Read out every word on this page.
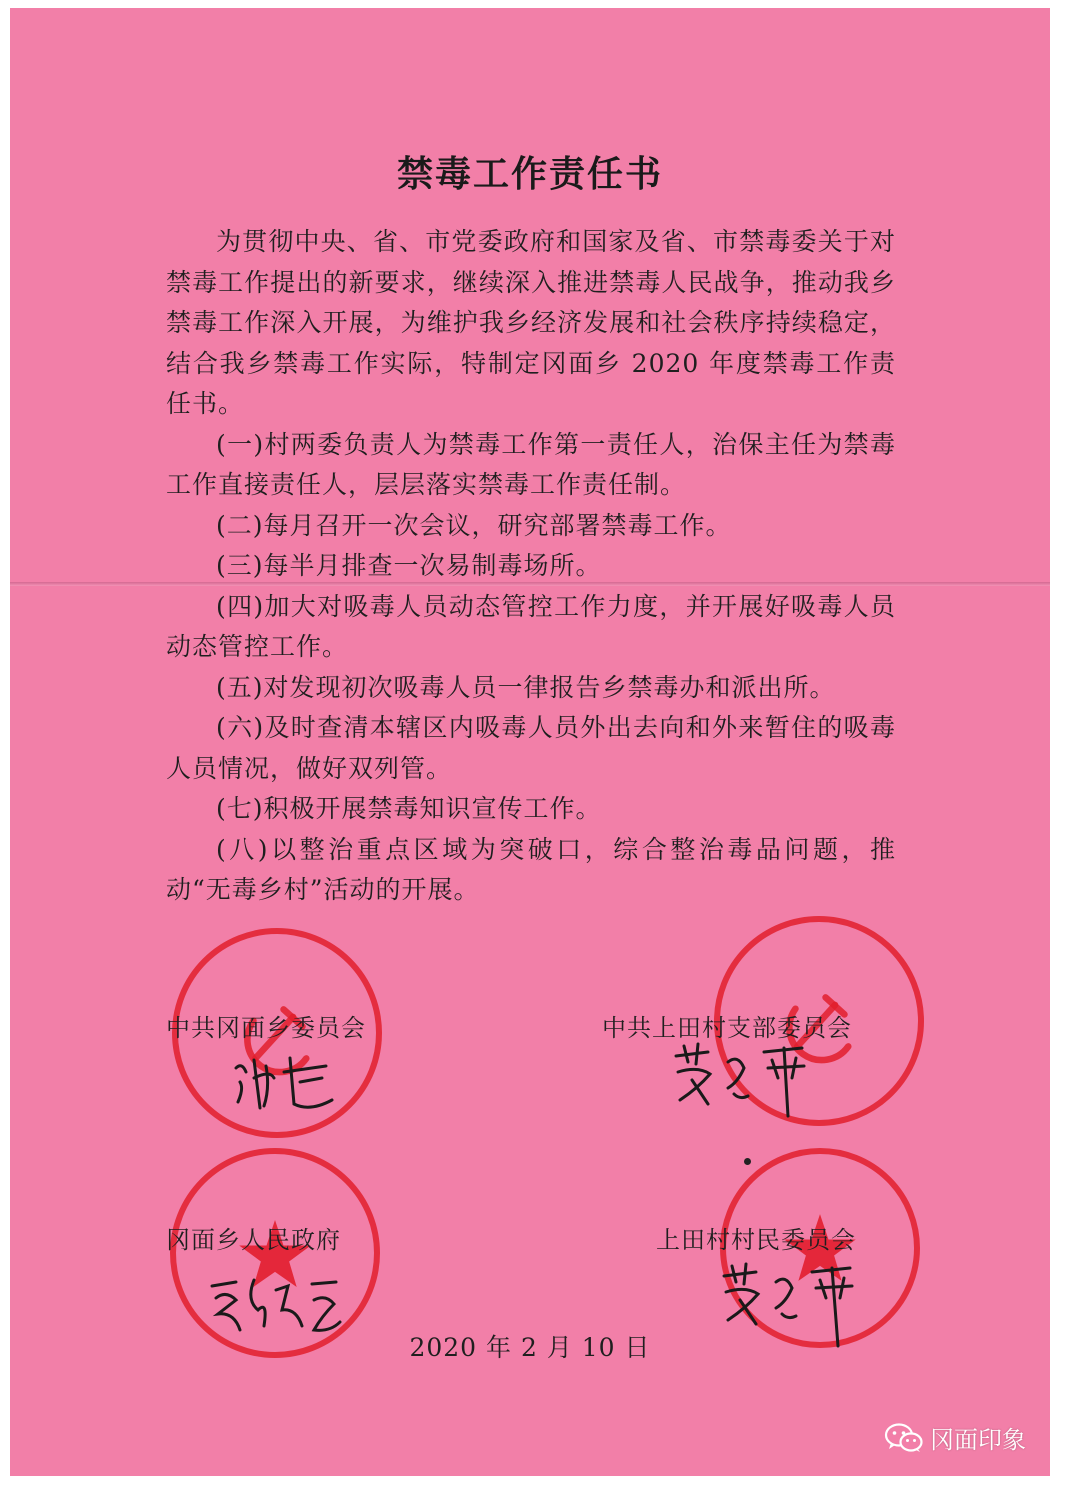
禁毒工作责任书

为贯彻中央、省、市党委政府和国家及省、市禁毒委关于对禁毒工作提出的新要求，继续深入推进禁毒人民战争，推动我乡禁毒工作深入开展，为维护我乡经济发展和社会秩序持续稳定，结合我乡禁毒工作实际，特制定冈面乡 2020 年度禁毒工作责任书。

(一)村两委负责人为禁毒工作第一责任人，治保主任为禁毒工作直接责任人，层层落实禁毒工作责任制。

(二)每月召开一次会议，研究部署禁毒工作。

(三)每半月排查一次易制毒场所。

(四)加大对吸毒人员动态管控工作力度，并开展好吸毒人员动态管控工作。

(五)对发现初次吸毒人员一律报告乡禁毒办和派出所。

(六)及时查清本辖区内吸毒人员外出去向和外来暂住的吸毒人员情况，做好双列管。

(七)积极开展禁毒知识宣传工作。

(八)以整治重点区域为突破口，综合整治毒品问题，推动“无毒乡村”活动的开展。

中共冈面乡委员会	中共上田村支部委员会
冈面乡人民政府	上田村村民委员会
2020 年 2 月 10 日
冈面印象
